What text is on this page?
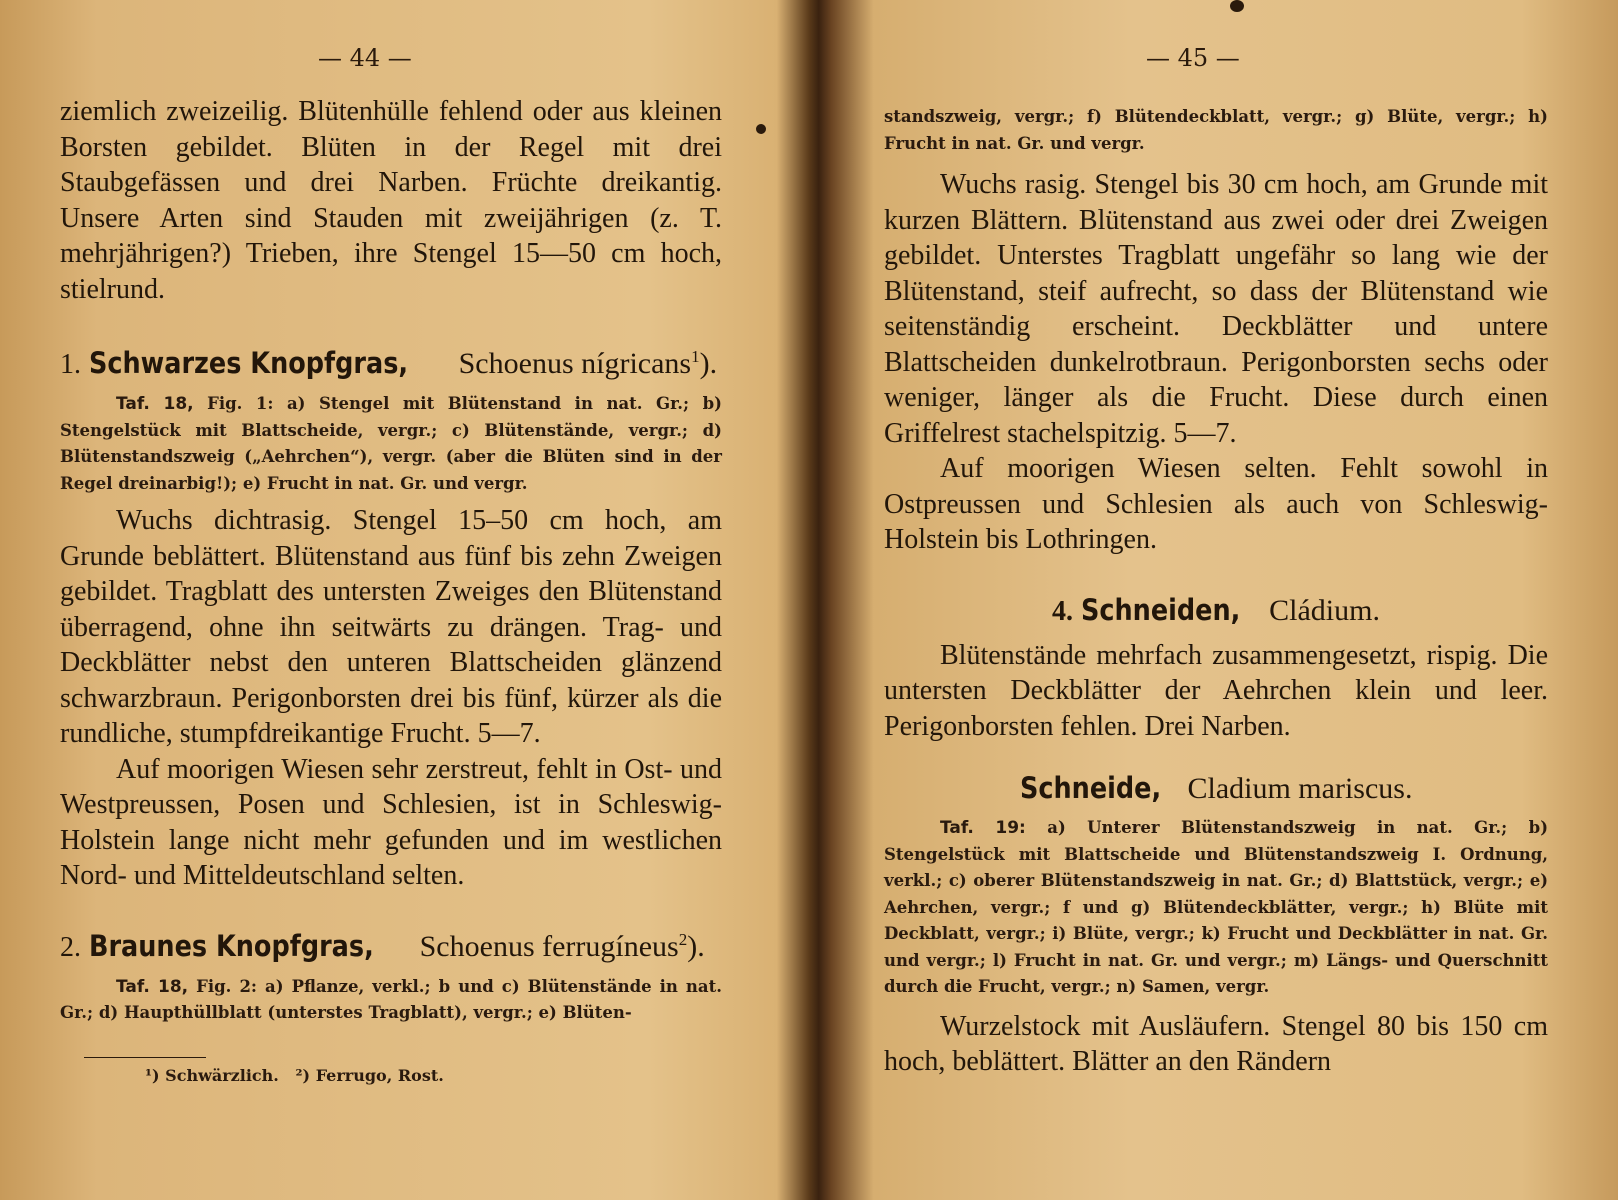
— 44 —

ziemlich zweizeilig. Blütenhülle fehlend oder aus kleinen Borsten gebildet. Blüten in der Regel mit drei Staubgefässen und drei Narben. Früchte dreikantig. Unsere Arten sind Stauden mit zweijährigen (z. T. mehrjährigen?) Trieben, ihre Stengel 15—50 cm hoch, stielrund.

1. Schwarzes Knopfgras, Schoenus nígricans$^1$).

Taf. 18, Fig. 1: a) Stengel mit Blütenstand in nat. Gr.; b) Stengelstück mit Blattscheide, vergr.; c) Blütenstände, vergr.; d) Blütenstandszweig („Aehrchen“), vergr. (aber die Blüten sind in der Regel dreinarbig!); e) Frucht in nat. Gr. und vergr.

Wuchs dichtrasig. Stengel 15–50 cm hoch, am Grunde beblättert. Blütenstand aus fünf bis zehn Zweigen gebildet. Tragblatt des untersten Zweiges den Blütenstand überragend, ohne ihn seitwärts zu drängen. Trag- und Deckblätter nebst den unteren Blattscheiden glänzend schwarzbraun. Perigonborsten drei bis fünf, kürzer als die rundliche, stumpfdreikantige Frucht. 5—7.

Auf moorigen Wiesen sehr zerstreut, fehlt in Ost- und Westpreussen, Posen und Schlesien, ist in Schleswig-Holstein lange nicht mehr gefunden und im westlichen Nord- und Mitteldeutschland selten.

2. Braunes Knopfgras, Schoenus ferrugíneus$^2$).

Taf. 18, Fig. 2: a) Pflanze, verkl.; b und c) Blütenstände in nat. Gr.; d) Haupthüllblatt (unterstes Tragblatt), vergr.; e) Blüten-

¹) Schwärzlich.   ²) Ferrugo, Rost.
— 45 —

standszweig, vergr.; f) Blütendeckblatt, vergr.; g) Blüte, vergr.; h) Frucht in nat. Gr. und vergr.

Wuchs rasig. Stengel bis 30 cm hoch, am Grunde mit kurzen Blättern. Blütenstand aus zwei oder drei Zweigen gebildet. Unterstes Tragblatt ungefähr so lang wie der Blütenstand, steif aufrecht, so dass der Blütenstand wie seitenständig erscheint. Deckblätter und untere Blattscheiden dunkelrotbraun. Perigonborsten sechs oder weniger, länger als die Frucht. Diese durch einen Griffelrest stachelspitzig. 5—7.

Auf moorigen Wiesen selten. Fehlt sowohl in Ostpreussen und Schlesien als auch von Schleswig-Holstein bis Lothringen.

4. Schneiden, Cládium.

Blütenstände mehrfach zusammengesetzt, rispig. Die untersten Deckblätter der Aehrchen klein und leer. Perigonborsten fehlen. Drei Narben.

Schneide, Cladium mariscus.

Taf. 19: a) Unterer Blütenstandszweig in nat. Gr.; b) Stengelstück mit Blattscheide und Blütenstandszweig I. Ordnung, verkl.; c) oberer Blütenstandszweig in nat. Gr.; d) Blattstück, vergr.; e) Aehrchen, vergr.; f und g) Blütendeckblätter, vergr.; h) Blüte mit Deckblatt, vergr.; i) Blüte, vergr.; k) Frucht und Deckblätter in nat. Gr. und vergr.; l) Frucht in nat. Gr. und vergr.; m) Längs- und Querschnitt durch die Frucht, vergr.; n) Samen, vergr.

Wurzelstock mit Ausläufern. Stengel 80 bis 150 cm hoch, beblättert. Blätter an den Rändern
